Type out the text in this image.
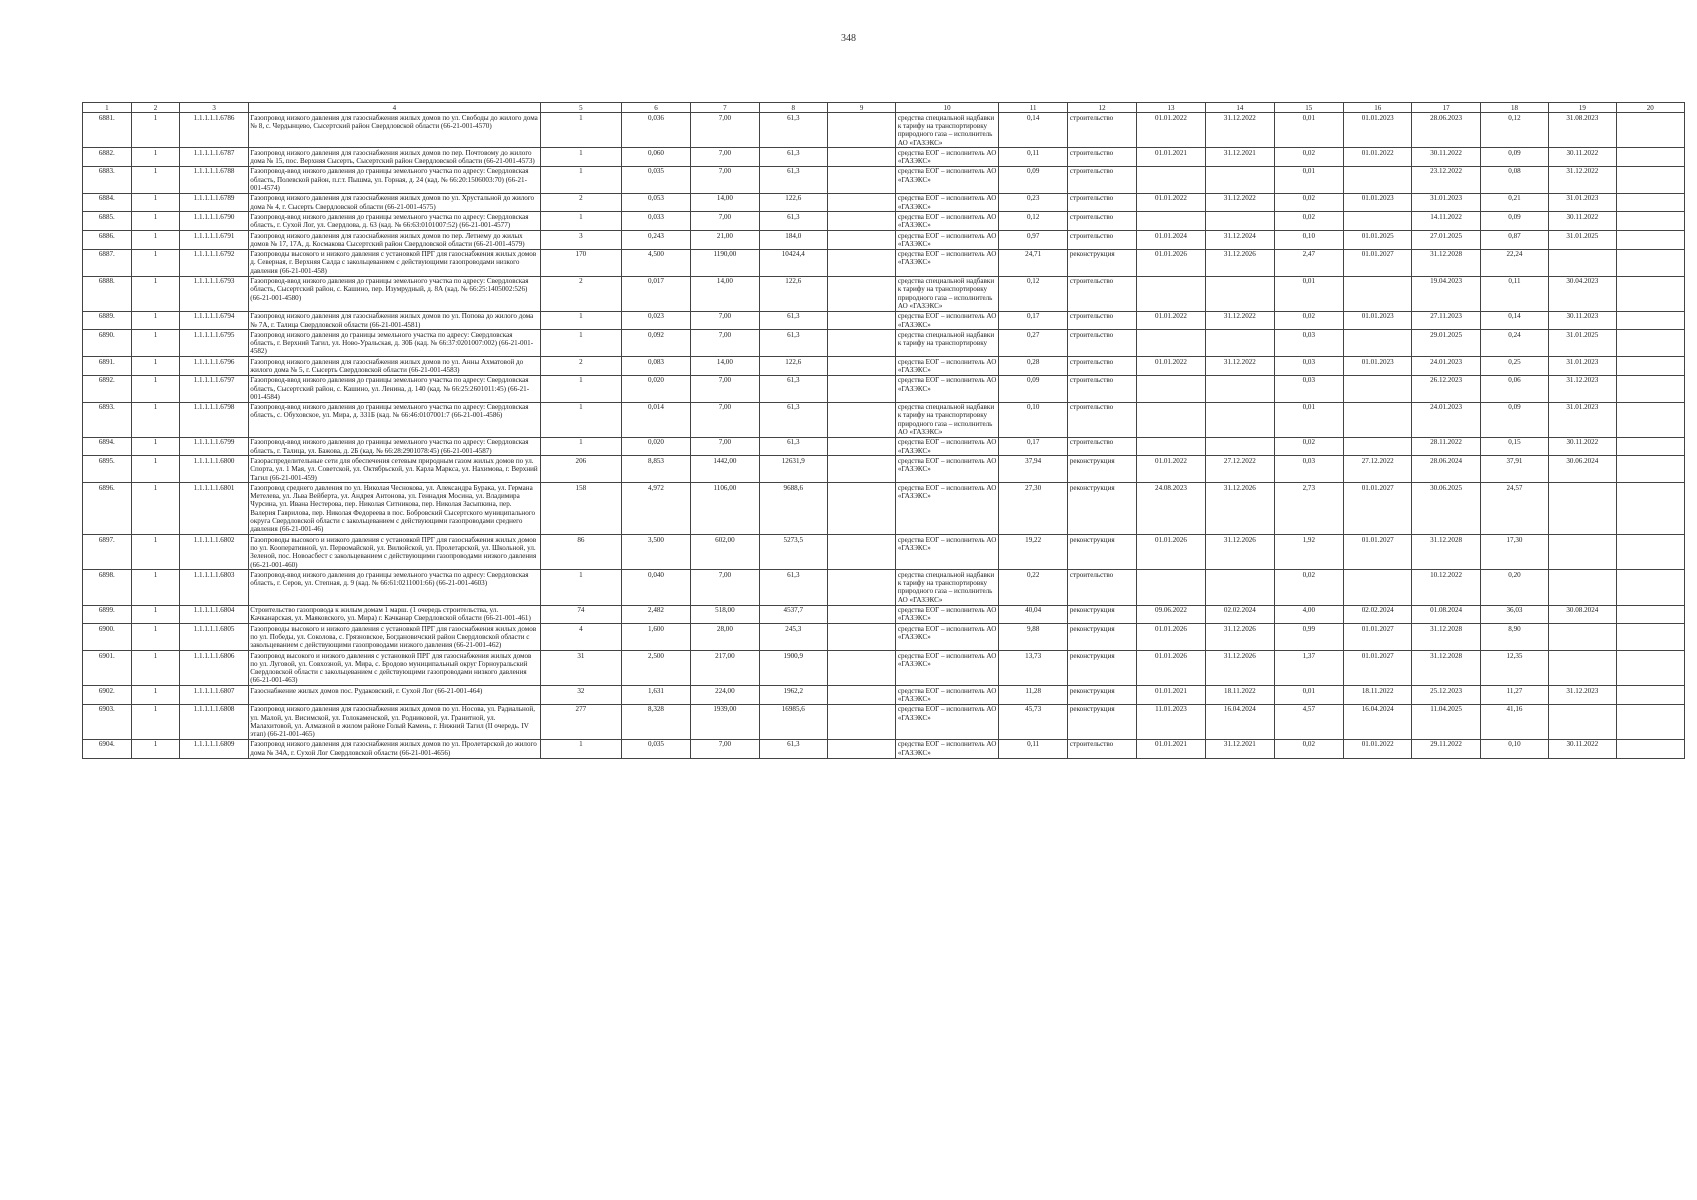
348
1	2	3	4	5	6	7	8	9	10	11	12	13	14	15	16	17	18	19	20
6881.	1	1.1.1.1.1.6786	Газопровод низкого давления для газоснабжения жилых домов по ул. Свободы до жилого дома № 8, с. Чердынцево, Сысертский район Свердловской области (66-21-001-4570)	1	0,036	7,00	61,3		средства специальной надбавки к тарифу на транспортировку природного газа – исполнитель АО «ГАЗЭКС»	0,14	строительство	01.01.2022	31.12.2022	0,01	01.01.2023	28.06.2023	0,12	31.08.2023	
6882.	1	1.1.1.1.1.6787	Газопровод низкого давления для газоснабжения жилых домов по пер. Почтовому до жилого дома № 15, пос. Верхняя Сысерть, Сысертский район Свердловской области (66-21-001-4573)	1	0,060	7,00	61,3		средства ЕОГ – исполнитель АО «ГАЗЭКС»	0,11	строительство	01.01.2021	31.12.2021	0,02	01.01.2022	30.11.2022	0,09	30.11.2022	
6883.	1	1.1.1.1.1.6788	Газопровод-ввод низкого давления до границы земельного участка по адресу: Свердловская область, Полевской район, п.г.т. Пышма, ул. Горная, д. 24 (кад. № 66:20:1506003:70) (66-21-001-4574)	1	0,035	7,00	61,3		средства ЕОГ – исполнитель АО «ГАЗЭКС»	0,09	строительство			0,01		23.12.2022	0,08	31.12.2022	
6884.	1	1.1.1.1.1.6789	Газопровод низкого давления для газоснабжения жилых домов по ул. Хрустальной до жилого дома № 4, г. Сысерть Свердловской области (66-21-001-4575)	2	0,053	14,00	122,6		средства ЕОГ – исполнитель АО «ГАЗЭКС»	0,23	строительство	01.01.2022	31.12.2022	0,02	01.01.2023	31.01.2023	0,21	31.01.2023	
6885.	1	1.1.1.1.1.6790	Газопровод-ввод низкого давления до границы земельного участка по адресу: Свердловская область, г. Сухой Лог, ул. Свердлова, д. 63 (кад. № 66:63:0101007:52) (66-21-001-4577)	1	0,033	7,00	61,3		средства ЕОГ – исполнитель АО «ГАЗЭКС»	0,12	строительство			0,02		14.11.2022	0,09	30.11.2022	
6886.	1	1.1.1.1.1.6791	Газопровод низкого давления для газоснабжения жилых домов по пер. Летнему до жилых домов № 17, 17А, д. Космакова Сысертский район Свердловской области (66-21-001-4579)	3	0,243	21,00	184,0		средства ЕОГ – исполнитель АО «ГАЗЭКС»	0,97	строительство	01.01.2024	31.12.2024	0,10	01.01.2025	27.01.2025	0,87	31.01.2025	
6887.	1	1.1.1.1.1.6792	Газопроводы высокого и низкого давления с установкой ПРГ для газоснабжения жилых домов д. Северная, г. Верхняя Салда с закольцеванием с действующими газопроводами низкого давления (66-21-001-458)	170	4,500	1190,00	10424,4		средства ЕОГ – исполнитель АО «ГАЗЭКС»	24,71	реконструкция	01.01.2026	31.12.2026	2,47	01.01.2027	31.12.2028	22,24		
6888.	1	1.1.1.1.1.6793	Газопровод-ввод низкого давления до границы земельного участка по адресу: Свердловская область, Сысертский район, с. Кашино, пер. Изумрудный, д. 8А (кад. № 66:25:1405002:526) (66-21-001-4580)	2	0,017	14,00	122,6		средства специальной надбавки к тарифу на транспортировку природного газа – исполнитель АО «ГАЗЭКС»	0,12	строительство			0,01		19.04.2023	0,11	30.04.2023	
6889.	1	1.1.1.1.1.6794	Газопровод низкого давления для газоснабжения жилых домов по ул. Попова до жилого дома № 7А, г. Талица Свердловской области (66-21-001-4581)	1	0,023	7,00	61,3		средства ЕОГ – исполнитель АО «ГАЗЭКС»	0,17	строительство	01.01.2022	31.12.2022	0,02	01.01.2023	27.11.2023	0,14	30.11.2023	
6890.	1	1.1.1.1.1.6795	Газопровод низкого давления до границы земельного участка по адресу: Свердловская область, г. Верхний Тагил, ул. Ново-Уральская, д. 30Б (кад. № 66:37:0201007:002) (66-21-001-4582)	1	0,092	7,00	61,3		средства специальной надбавки к тарифу на транспортировку	0,27	строительство			0,03		29.01.2025	0,24	31.01.2025	
6891.	1	1.1.1.1.1.6796	Газопровод низкого давления для газоснабжения жилых домов по ул. Анны Ахматовой до жилого дома № 5, г. Сысерть Свердловской области (66-21-001-4583)	2	0,083	14,00	122,6		средства ЕОГ – исполнитель АО «ГАЗЭКС»	0,28	строительство	01.01.2022	31.12.2022	0,03	01.01.2023	24.01.2023	0,25	31.01.2023	
6892.	1	1.1.1.1.1.6797	Газопровод-ввод низкого давления до границы земельного участка по адресу: Свердловская область, Сысертский район, с. Кашино, ул. Ленина, д. 140 (кад. № 66:25:2601011:45) (66-21-001-4584)	1	0,020	7,00	61,3		средства ЕОГ – исполнитель АО «ГАЗЭКС»	0,09	строительство			0,03		26.12.2023	0,06	31.12.2023	
6893.	1	1.1.1.1.1.6798	Газопровод-ввод низкого давления до границы земельного участка по адресу: Свердловская область, с. Обуховское, ул. Мира, д. 331Б (кад. № 66:46:0107001:7 (66-21-001-4586)	1	0,014	7,00	61,3		средства специальной надбавки к тарифу на транспортировку природного газа – исполнитель АО «ГАЗЭКС»	0,10	строительство			0,01		24.01.2023	0,09	31.01.2023	
6894.	1	1.1.1.1.1.6799	Газопровод-ввод низкого давления до границы земельного участка по адресу: Свердловская область, г. Талица, ул. Бажова, д. 2Б (кад. № 66:28:2901078:45) (66-21-001-4587)	1	0,020	7,00	61,3		средства ЕОГ – исполнитель АО «ГАЗЭКС»	0,17	строительство			0,02		28.11.2022	0,15	30.11.2022	
6895.	1	1.1.1.1.1.6800	Газораспределительные сети для обеспечения сетевым природным газом жилых домов по ул. Спорта, ул. 1 Мая, ул. Советской, ул. Октябрьской, ул. Карла Маркса, ул. Нахимова, г. Верхний Тагил (66-21-001-459)	206	8,853	1442,00	12631,9		средства ЕОГ – исполнитель АО «ГАЗЭКС»	37,94	реконструкция	01.01.2022	27.12.2022	0,03	27.12.2022	28.06.2024	37,91	30.06.2024	
6896.	1	1.1.1.1.1.6801	Газопровод среднего давления по ул. Николая Чеснокова, ул. Александра Бурака, ул. Германа Метелева, ул. Льва Вейберта, ул. Андрея Антонова, ул. Геннадия Мосина, ул. Владимира Чурсина, ул. Ивана Нестерова, пер. Николая Ситникова, пер. Николая Засыпкина, пер. Валерия Гаврилова, пер. Николая Федореева в пос. Бобровский Сысертского муниципального округа Свердловской области с закольцеванием с действующими газопроводами среднего давления (66-21-001-46)	158	4,972	1106,00	9688,6		средства ЕОГ – исполнитель АО «ГАЗЭКС»	27,30	реконструкция	24.08.2023	31.12.2026	2,73	01.01.2027	30.06.2025	24,57		
6897.	1	1.1.1.1.1.6802	Газопроводы высокого и низкого давления с установкой ПРГ для газоснабжения жилых домов по ул. Кооперативной, ул. Первомайской, ул. Вилюйской, ул. Пролетарской, ул. Школьной, ул. Зеленой, пос. Новоасбест с закольцеванием с действующими газопроводами низкого давления (66-21-001-460)	86	3,500	602,00	5273,5		средства ЕОГ – исполнитель АО «ГАЗЭКС»	19,22	реконструкция	01.01.2026	31.12.2026	1,92	01.01.2027	31.12.2028	17,30		
6898.	1	1.1.1.1.1.6803	Газопровод-ввод низкого давления до границы земельного участка по адресу: Свердловская область, г. Серов, ул. Степная, д. 9 (кад. № 66:61:0211001:66) (66-21-001-4603)	1	0,040	7,00	61,3		средства специальной надбавки к тарифу на транспортировку природного газа – исполнитель АО «ГАЗЭКС»	0,22	строительство			0,02		10.12.2022	0,20		
6899.	1	1.1.1.1.1.6804	Строительство газопровода к жилым домам 1 марш. (1 очередь строительства, ул. Качканарская, ул. Маяковского, ул. Мира) г. Качканар Свердловской области (66-21-001-461)	74	2,482	518,00	4537,7		средства ЕОГ – исполнитель АО «ГАЗЭКС»	40,04	реконструкция	09.06.2022	02.02.2024	4,00	02.02.2024	01.08.2024	36,03	30.08.2024	
6900.	1	1.1.1.1.1.6805	Газопроводы высокого и низкого давления с установкой ПРГ для газоснабжения жилых домов по ул. Победы, ул. Соколова, с. Грязновское, Богдановичский район Свердловской области с закольцеванием с действующими газопроводами низкого давления (66-21-001-462)	4	1,600	28,00	245,3		средства ЕОГ – исполнитель АО «ГАЗЭКС»	9,88	реконструкция	01.01.2026	31.12.2026	0,99	01.01.2027	31.12.2028	8,90		
6901.	1	1.1.1.1.1.6806	Газопровод высокого и низкого давления с установкой ПРГ для газоснабжения жилых домов по ул. Луговой, ул. Совхозной, ул. Мира, с. Бродово муниципальный округ Горноуральский Свердловской области с закольцеванием с действующими газопроводами низкого давления (66-21-001-463)	31	2,500	217,00	1900,9		средства ЕОГ – исполнитель АО «ГАЗЭКС»	13,73	реконструкция	01.01.2026	31.12.2026	1,37	01.01.2027	31.12.2028	12,35		
6902.	1	1.1.1.1.1.6807	Газоснабжение жилых домов пос. Рудаковский, г. Сухой Лог (66-21-001-464)	32	1,631	224,00	1962,2		средства ЕОГ – исполнитель АО «ГАЗЭКС»	11,28	реконструкция	01.01.2021	18.11.2022	0,01	18.11.2022	25.12.2023	11,27	31.12.2023	
6903.	1	1.1.1.1.1.6808	Газопровод низкого давления для газоснабжения жилых домов по ул. Носова, ул. Радиальной, ул. Малой, ул. Висимской, ул. Голокаменской, ул. Родниковой, ул. Гранитной, ул. Малахитовой, ул. Алмазной в жилом районе Голый Камень, г. Нижний Тагил (II очередь. IV этап) (66-21-001-465)	277	8,328	1939,00	16985,6		средства ЕОГ – исполнитель АО «ГАЗЭКС»	45,73	реконструкция	11.01.2023	16.04.2024	4,57	16.04.2024	11.04.2025	41,16		
6904.	1	1.1.1.1.1.6809	Газопровод низкого давления для газоснабжения жилых домов по ул. Пролетарской до жилого дома № 34А, г. Сухой Лог Свердловской области (66-21-001-4656)	1	0,035	7,00	61,3		средства ЕОГ – исполнитель АО «ГАЗЭКС»	0,11	строительство	01.01.2021	31.12.2021	0,02	01.01.2022	29.11.2022	0,10	30.11.2022	
